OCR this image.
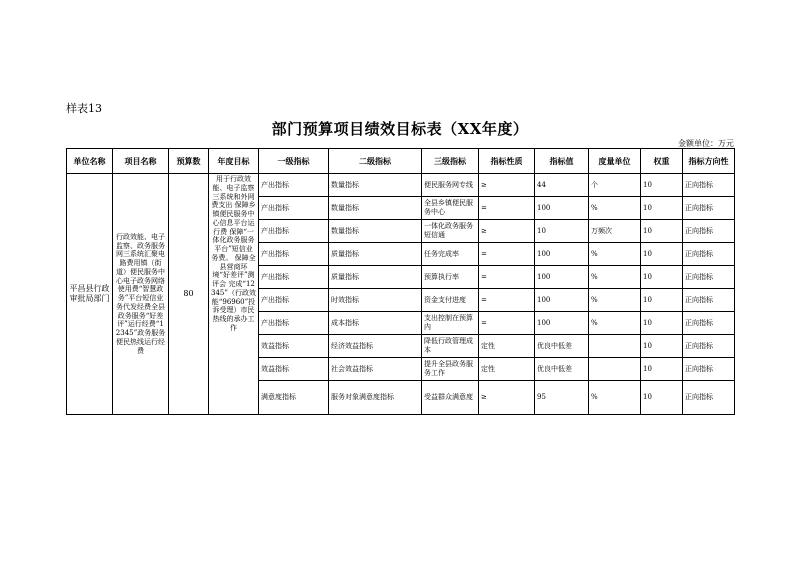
样表13
部门预算项目绩效目标表（XX年度）
金额单位：万元
单位名称	项目名称	预算数	年度目标	一级指标	二级指标	三级指标	指标性质	指标值	度量单位	权重	指标方向性
平昌县行政审批局部门	行政效能、电子监察、政务服务网三系统汇聚电路费用镇（街道）便民服务中心电子政务网络使用费“智慧政务”平台短信业务代发经费全县政务服务“好差评”运行经费“12345”政务服务便民热线运行经费	80	用于行政效能、电子监察三系统和外网费支出 保障乡镇便民服务中心信息平台运行费 保障“一体化政务服务平台”短信业务费。 保障全县营商环境“好差评”测评会 完成“12345”（行政效能“96960”投诉受理）市民热线的承办工作	产出指标	数量指标	便民服务网专线	≥	44	个	10	正向指标
				产出指标	数量指标	全县乡镇便民服务中心	=	100	%	10	正向指标
				产出指标	数量指标	一体化政务服务短信通	≥	10	万频次	10	正向指标
				产出指标	质量指标	任务完成率	=	100	%	10	正向指标
				产出指标	质量指标	预算执行率	=	100	%	10	正向指标
				产出指标	时效指标	资金支付进度	=	100	%	10	正向指标
				产出指标	成本指标	支出控制在预算内	=	100	%	10	正向指标
				效益指标	经济效益指标	降低行政管理成本	定性	优良中低差		10	正向指标
				效益指标	社会效益指标	提升全县政务服务工作	定性	优良中低差		10	正向指标
				满意度指标	服务对象满意度指标	受益群众满意度	≥	95	%	10	正向指标
